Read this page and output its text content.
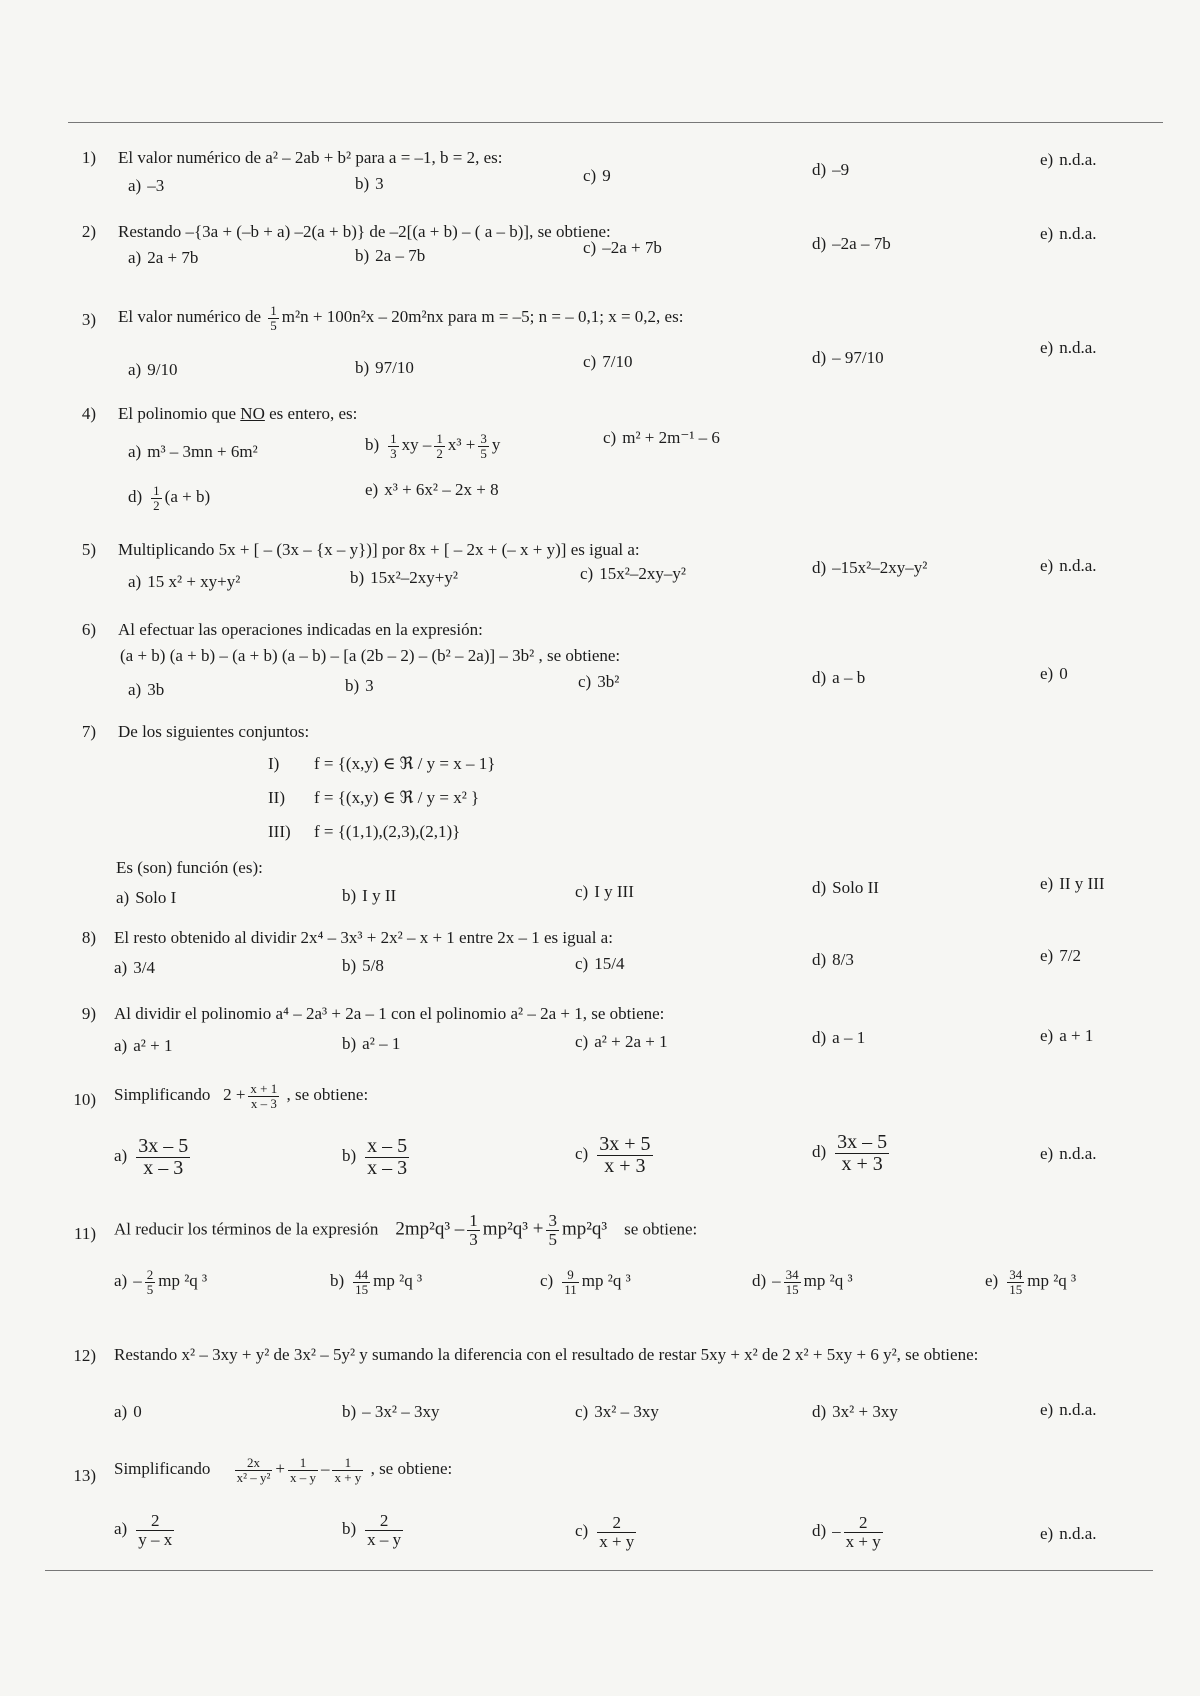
1) El valor numérico de a² – 2ab + b² para a = –1, b = 2, es:
a) –3	b) 3	c) 9	d) –9
e) n.d.a.
2) Restando –{3a + (–b + a) –2(a + b)} de –2[(a + b) – ( a – b)], se obtiene:
a) 2a + 7b	b) 2a – 7b	c) –2a + 7b	d) –2a – 7b
e) n.d.a.
3) El valor numérico de $\frac{1}{5} m^2n + 100n^2x - 20m^2nx$ para m = –5; n = – 0,1; x = 0,2, es:
a) 9/10	b) 97/10	c) 7/10	d) – 97/10
e) n.d.a.
4) El polinomio que NO es entero, es:
a) m³ – 3mn + 6m²	$b) \frac{1}{3}$ xy – $\frac{1}{2} x^3 + \frac{3}{5}$ y	c) m² + 2m⁻¹ – 6
$d) \frac{1}{2} (a + b)$	e) x³ + 6x² – 2x + 8
5) Multiplicando 5x + [ – (3x – {x – y})] por 8x + [ – 2x + (– x + y)] es igual a:
a) 15 x² + xy+y²	b) 15x²–2xy+y²	c) 15x²–2xy–y²	d) –15x²–2xy–y²	e) n.d.a.
6) Al efectuar las operaciones indicadas en la expresión:
(a + b) (a + b) – (a + b) (a – b) – [a (2b – 2) – (b² – 2a)] – 3b² , se obtiene:
a) 3b	b) 3	c) 3b²	d) a – b	e) 0
7) De los siguientes conjuntos:
I) f = {(x,y) ∈ ℜ / y = x – 1}
II) f = {(x,y) ∈ ℜ / y = x² }
III) f = {(1,1),(2,3),(2,1)}
Es (son) función (es):
a) Solo I	b) I y II	c) I y III	d) Solo II	e) II y III
8) El resto obtenido al dividir 2x⁴ – 3x³ + 2x² – x + 1 entre 2x – 1 es igual a:
a) 3/4	b) 5/8	c) 15/4	d) 8/3	e) 7/2
9) Al dividir el polinomio a⁴ – 2a³ + 2a – 1 con el polinomio a² – 2a + 1, se obtiene:
a) a² + 1	b) a² – 1	c) a² + 2a + 1	d) a – 1	e) a + 1
10) Simplificando $2 + \frac{x + 1}{x - 3}$ , se obtiene:
$a) \frac{3x - 5}{x - 3}$	$b) \frac{x - 5}{x - 3}$	$c) \frac{3x + 5}{x + 3}$	$d) \frac{3x - 5}{x + 3}$	e) n.d.a.
11) Al reducir los términos de la expresión $2mp^2q^3 - \frac{1}{3} mp^2q^3 + \frac{3}{5} mp^2q^3$ se obtiene:
$a) - \frac{2}{5}$ mp ²q ³	$b) \frac{44}{15}$ mp ²q ³	$c) \frac{9}{11}$ mp ²q ³	$d) - \frac{34}{15}$ mp ²q ³	$e) \frac{34}{15}$ mp ²q ³
12) Restando x² – 3xy + y² de 3x² – 5y² y sumando la diferencia con el resultado de restar 5xy + x² de 2 x² + 5xy + 6 y², se obtiene:
a) 0	b) – 3x² – 3xy	c) 3x² – 3xy	d) 3x² + 3xy	e) n.d.a.
13) Simplificando $\frac{2x}{\text{x² – y²}} + \frac{1}{x - y} - \frac{1}{x + y}$ , se obtiene:
$a) \frac{2}{y - x}$	$b) \frac{2}{x - y}$	$c) \frac{2}{x + y}$	$d) - \frac{2}{x + y}$	e) n.d.a.
